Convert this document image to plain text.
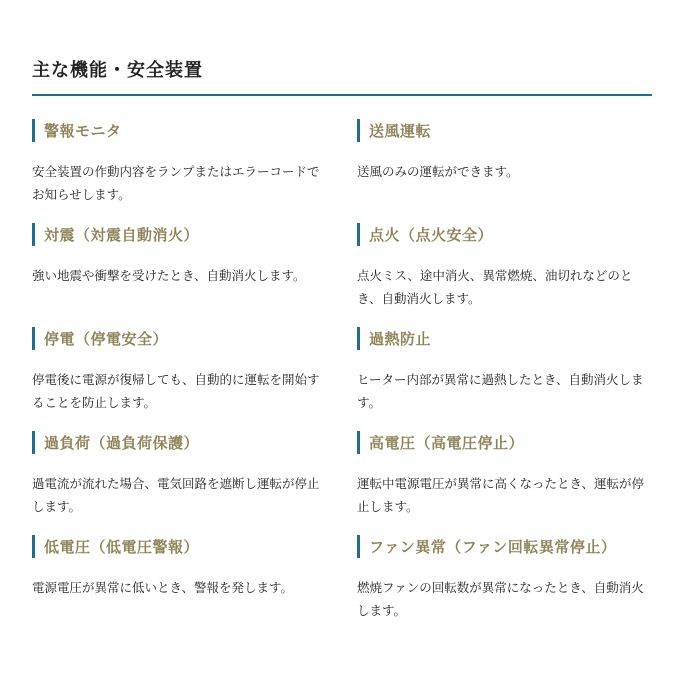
主な機能・安全装置
警報モニタ

安全装置の作動内容をランプまたはエラーコードでお知らせします。

送風運転

送風のみの運転ができます。

対震（対震自動消火）

強い地震や衝撃を受けたとき、自動消火します。

点火（点火安全）

点火ミス、途中消火、異常燃焼、油切れなどのとき、自動消火します。

停電（停電安全）

停電後に電源が復帰しても、自動的に運転を開始することを防止します。

過熱防止

ヒーター内部が異常に過熱したとき、自動消火します。

過負荷（過負荷保護）

過電流が流れた場合、電気回路を遮断し運転が停止します。

高電圧（高電圧停止）

運転中電源電圧が異常に高くなったとき、運転が停止します。

低電圧（低電圧警報）

電源電圧が異常に低いとき、警報を発します。

ファン異常（ファン回転異常停止）

燃焼ファンの回転数が異常になったとき、自動消火します。
